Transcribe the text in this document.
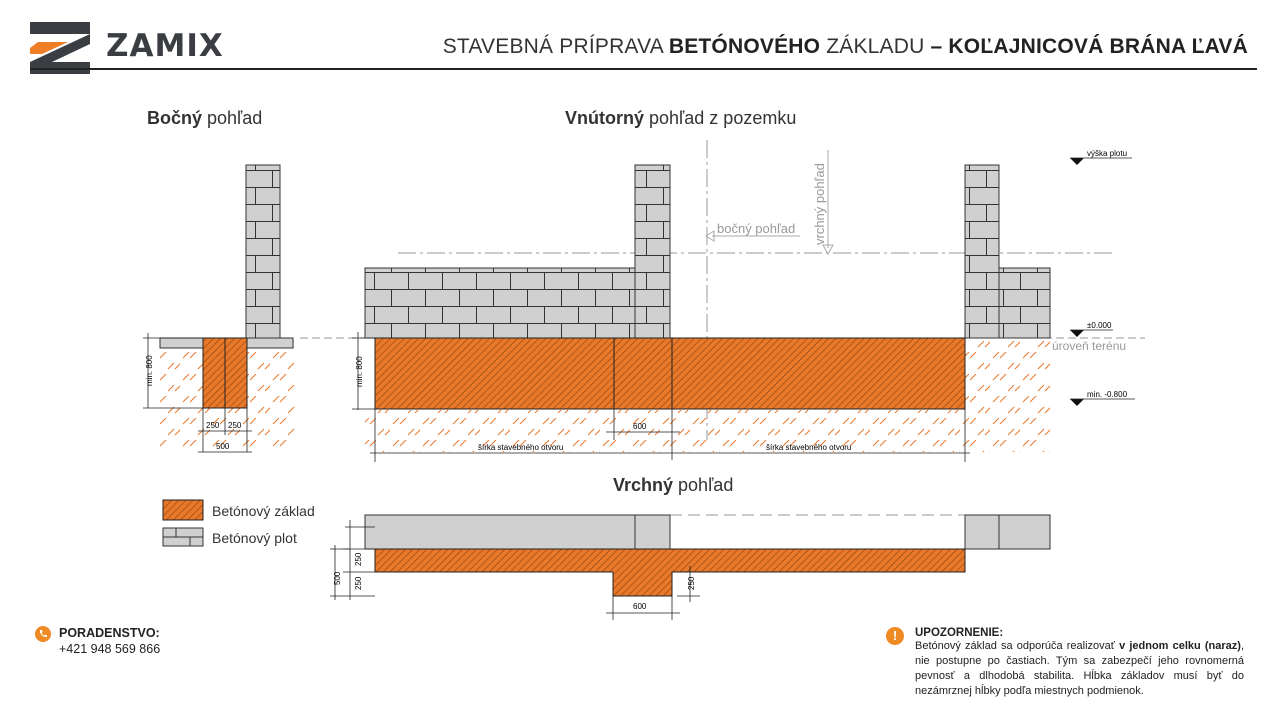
ZAMIX	STAVEBNÁ PRÍPRAVA BETÓNOVÉHO ZÁKLADU – KOĽAJNICOVÁ BRÁNA ĽAVÁ
Bočný pohľad	Vnútorný pohľad z pozemku
Vrchný pohľad
min. 800
250 250
500
min. 800
600
šírka stavebného otvoru	šírka stavebného otvoru
bočný pohľad vrchný pohľad
výška plotu
±0.000
úroveň terénu
min. -0.800
500
250
250	250
600
Betónový základ
Betónový plot
PORADENSTVO:
+421 948 569 866
!	UPOZORNENIE:
Betónový základ sa odporúča realizovať v jednom celku (naraz), nie postupne po častiach. Tým sa zabezpečí jeho rovnomerná pevnosť a dlhodobá stabilita. Hĺbka základov musí byť do nezámrznej hĺbky podľa miestnych podmienok.
